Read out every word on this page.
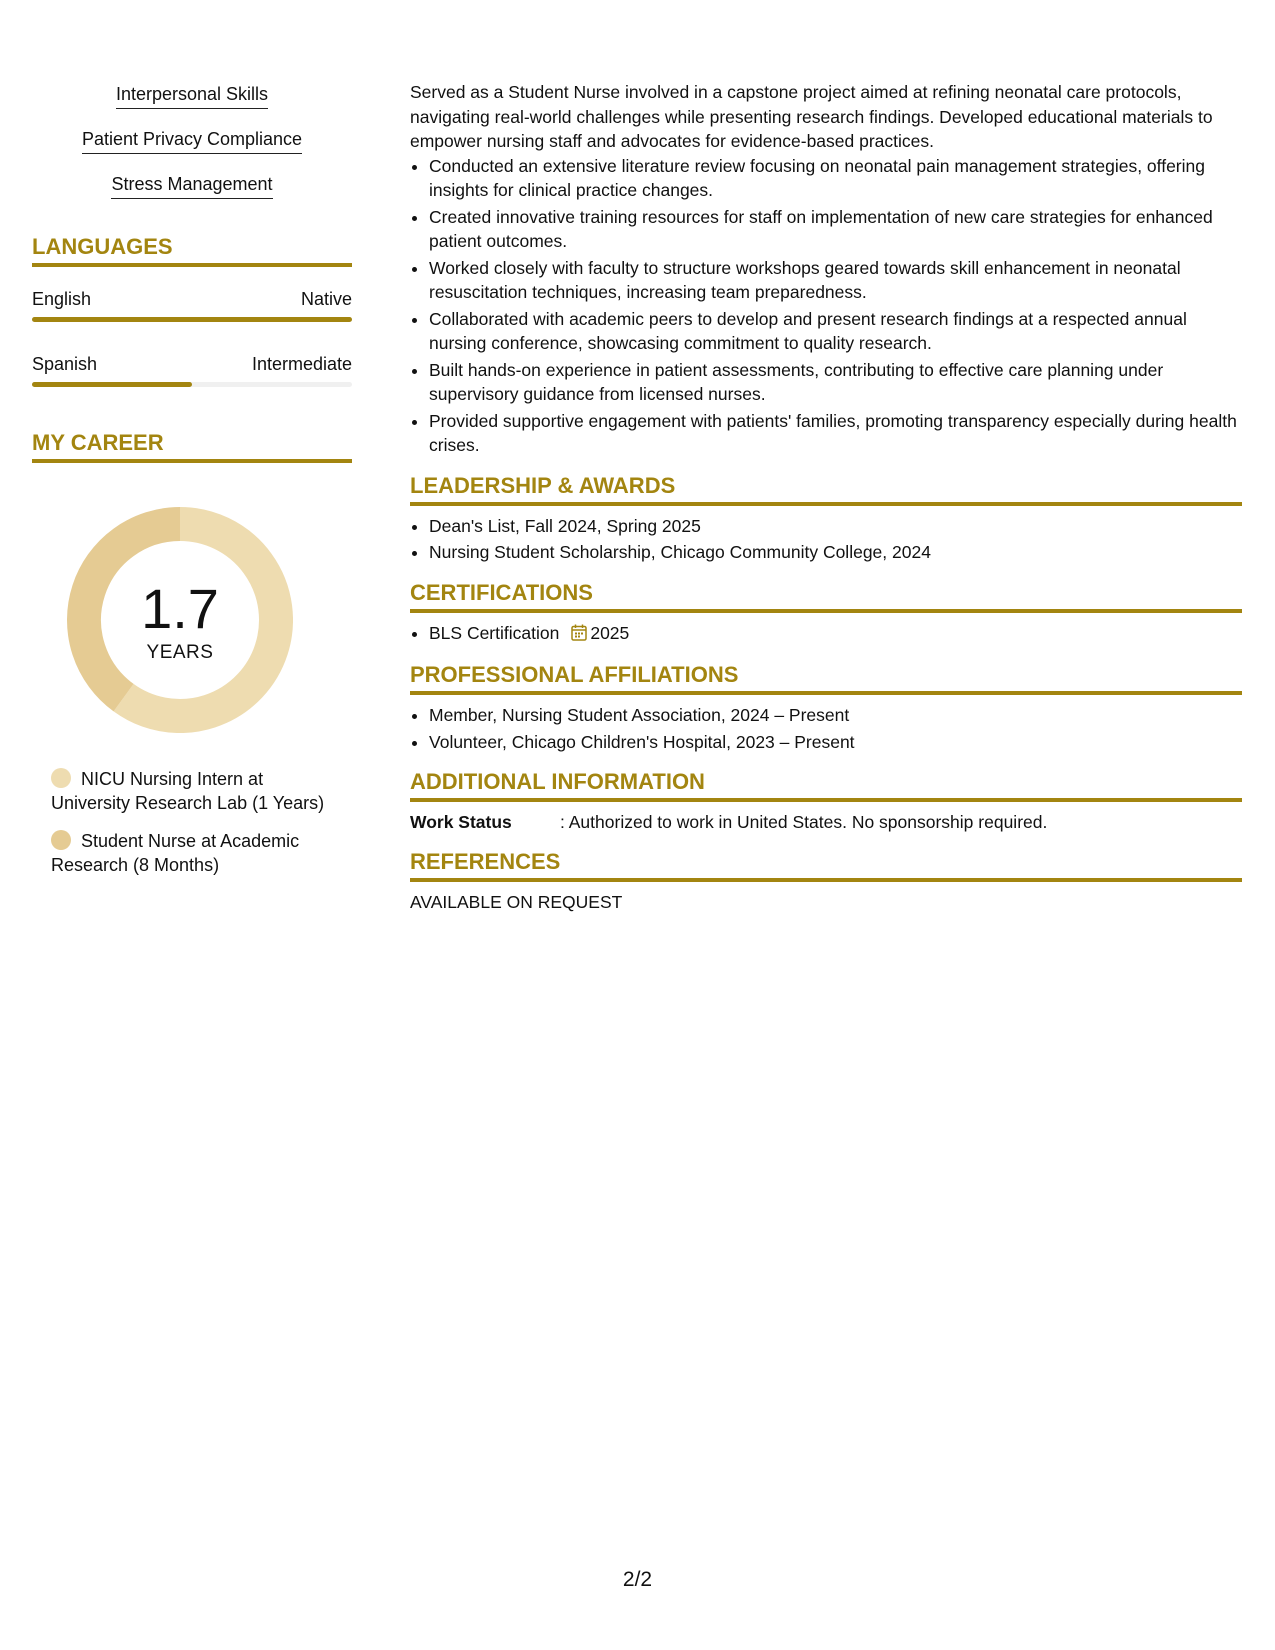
Interpersonal Skills
Patient Privacy Compliance
Stress Management
LANGUAGES
English	Native
Spanish	Intermediate
MY CAREER
1.7
YEARS
NICU Nursing Intern at University Research Lab (1 Years)
Student Nurse at Academic Research (8 Months)

Served as a Student Nurse involved in a capstone project aimed at refining neonatal care protocols, navigating real-world challenges while presenting research findings. Developed educational materials to empower nursing staff and advocates for evidence-based practices.

• Conducted an extensive literature review focusing on neonatal pain management strategies, offering insights for clinical practice changes.
• Created innovative training resources for staff on implementation of new care strategies for enhanced patient outcomes.
• Worked closely with faculty to structure workshops geared towards skill enhancement in neonatal resuscitation techniques, increasing team preparedness.
• Collaborated with academic peers to develop and present research findings at a respected annual nursing conference, showcasing commitment to quality research.
• Built hands-on experience in patient assessments, contributing to effective care planning under supervisory guidance from licensed nurses.
• Provided supportive engagement with patients' families, promoting transparency especially during health crises.
LEADERSHIP & AWARDS
• Dean's List, Fall 2024, Spring 2025
• Nursing Student Scholarship, Chicago Community College, 2024
CERTIFICATIONS
• BLS Certification 2025
PROFESSIONAL AFFILIATIONS
• Member, Nursing Student Association, 2024 – Present
• Volunteer, Chicago Children's Hospital, 2023 – Present
ADDITIONAL INFORMATION
Work Status	: Authorized to work in United States. No sponsorship required.
REFERENCES
AVAILABLE ON REQUEST
2/2
